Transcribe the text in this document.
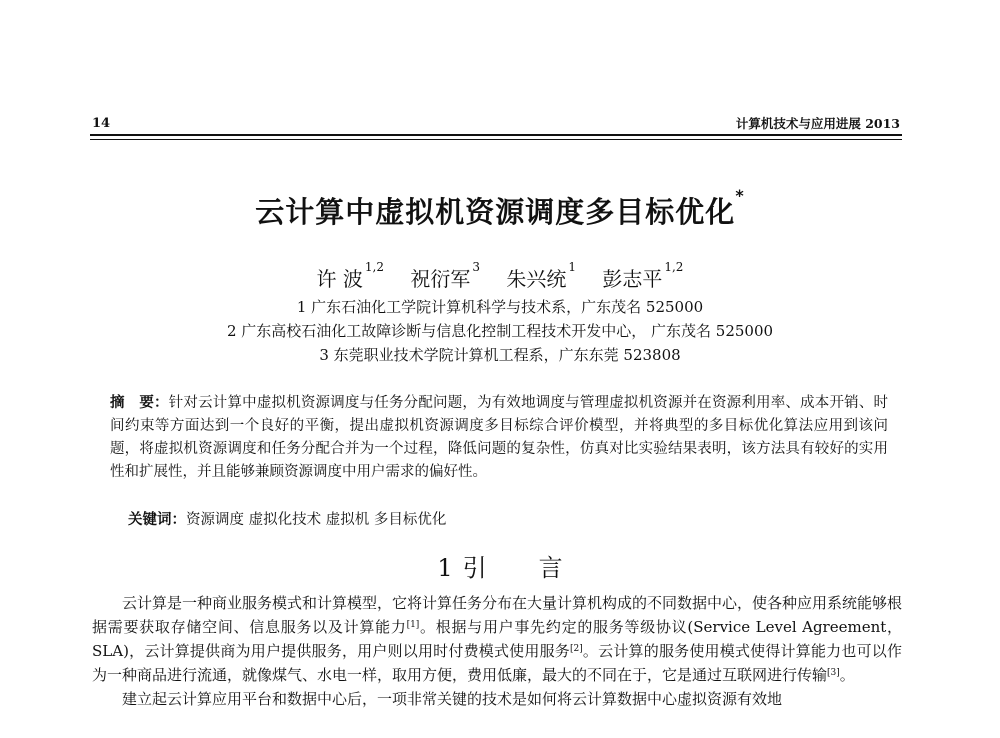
14	计算机技术与应用进展 2013
云计算中虚拟机资源调度多目标优化*
许 波 $^{1,2}$ 祝衍军 $^3$ 朱兴统 $^1$ 彭志平 $^{1,2}$
1 广东石油化工学院计算机科学与技术系，广东茂名 525000
2 广东高校石油化工故障诊断与信息化控制工程技术开发中心， 广东茂名 525000
3 东莞职业技术学院计算机工程系，广东东莞 523808
摘　要：针对云计算中虚拟机资源调度与任务分配问题，为有效地调度与管理虚拟机资源并在资源利用率、成本开销、时间约束等方面达到一个良好的平衡，提出虚拟机资源调度多目标综合评价模型，并将典型的多目标优化算法应用到该问题，将虚拟机资源调度和任务分配合并为一个过程，降低问题的复杂性，仿真对比实验结果表明，该方法具有较好的实用性和扩展性，并且能够兼顾资源调度中用户需求的偏好性。
关键词：资源调度 虚拟化技术 虚拟机 多目标优化
1 引 言

云计算是一种商业服务模式和计算模型，它将计算任务分布在大量计算机构成的不同数据中心，使各种应用系统能够根据需要获取存储空间、信息服务以及计算能力[1]。根据与用户事先约定的服务等级协议(Service Level Agreement，SLA)，云计算提供商为用户提供服务，用户则以用时付费模式使用服务[2]。云计算的服务使用模式使得计算能力也可以作为一种商品进行流通，就像煤气、水电一样，取用方便，费用低廉，最大的不同在于，它是通过互联网进行传输[3]。

建立起云计算应用平台和数据中心后，一项非常关键的技术是如何将云计算数据中心虚拟资源有效地
